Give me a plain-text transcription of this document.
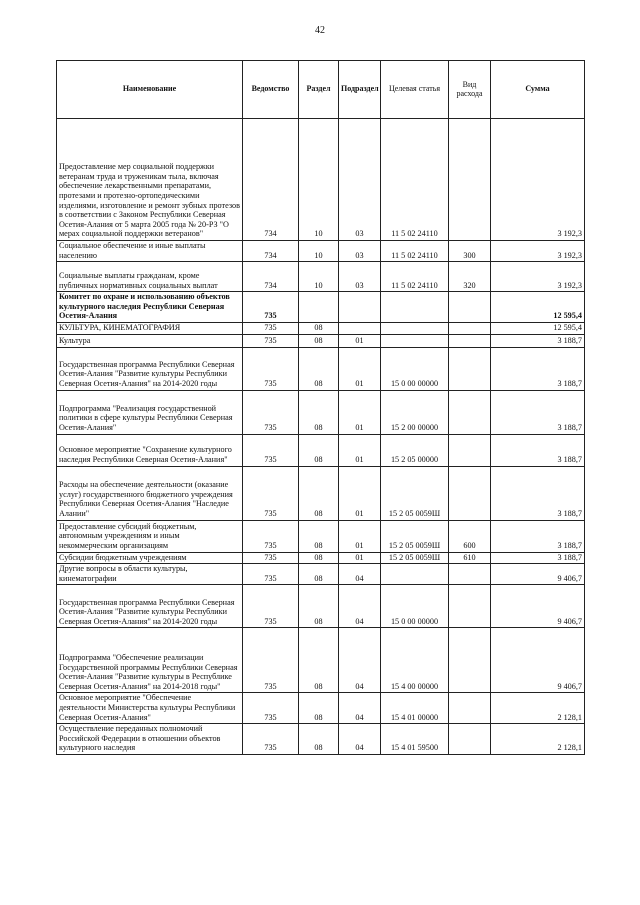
42
Наименование	Ведомство	Раздел	Подраздел	Целевая статья	Вид расхода	Сумма
Предоставление мер социальной поддержки ветеранам труда и труженикам тыла, включая обеспечение лекарственными препаратами, протезами и протезно-ортопедическими изделиями, изготовление и ремонт зубных протезов в соответствии с Законом Республики Северная Осетия-Алания от 5 марта 2005 года № 20-РЗ "О мерах социальной поддержки ветеранов"	734	10	03	11 5 02 24110		3 192,3
Социальное обеспечение и иные выплаты населению	734	10	03	11 5 02 24110	300	3 192,3
Социальные выплаты гражданам, кроме публичных нормативных социальных выплат	734	10	03	11 5 02 24110	320	3 192,3
Комитет по охране и использованию объектов культурного наследия Республики Северная Осетия-Алания	735					12 595,4
КУЛЬТУРА, КИНЕМАТОГРАФИЯ	735	08				12 595,4
Культура	735	08	01			3 188,7
Государственная программа Республики Северная Осетия-Алания "Развитие культуры Республики Северная Осетия-Алания" на 2014-2020 годы	735	08	01	15 0 00 00000		3 188,7
Подпрограмма "Реализация государственной политики в сфере культуры Республики Северная Осетия-Алания"	735	08	01	15 2 00 00000		3 188,7
Основное мероприятие "Сохранение культурного наследия Республики Северная Осетия-Алания"	735	08	01	15 2 05 00000		3 188,7
Расходы на обеспечение деятельности (оказание услуг) государственного бюджетного учреждения Республики Северная Осетия-Алания "Наследие Алании"	735	08	01	15 2 05 0059Ш		3 188,7
Предоставление субсидий бюджетным, автономным учреждениям и иным некоммерческим организациям	735	08	01	15 2 05 0059Ш	600	3 188,7
Субсидии бюджетным учреждениям	735	08	01	15 2 05 0059Ш	610	3 188,7
Другие вопросы в области культуры, кинематографии	735	08	04			9 406,7
Государственная программа Республики Северная Осетия-Алания "Развитие культуры Республики Северная Осетия-Алания" на 2014-2020 годы	735	08	04	15 0 00 00000		9 406,7
Подпрограмма "Обеспечение реализации Государственной программы Республики Северная Осетия-Алания "Развитие культуры в Республике Северная Осетия-Алания" на 2014-2018 годы"	735	08	04	15 4 00 00000		9 406,7
Основное мероприятие "Обеспечение деятельности Министерства культуры Республики Северная Осетия-Алания"	735	08	04	15 4 01 00000		2 128,1
Осуществление переданных полномочий Российской Федерации в отношении объектов культурного наследия	735	08	04	15 4 01 59500		2 128,1
